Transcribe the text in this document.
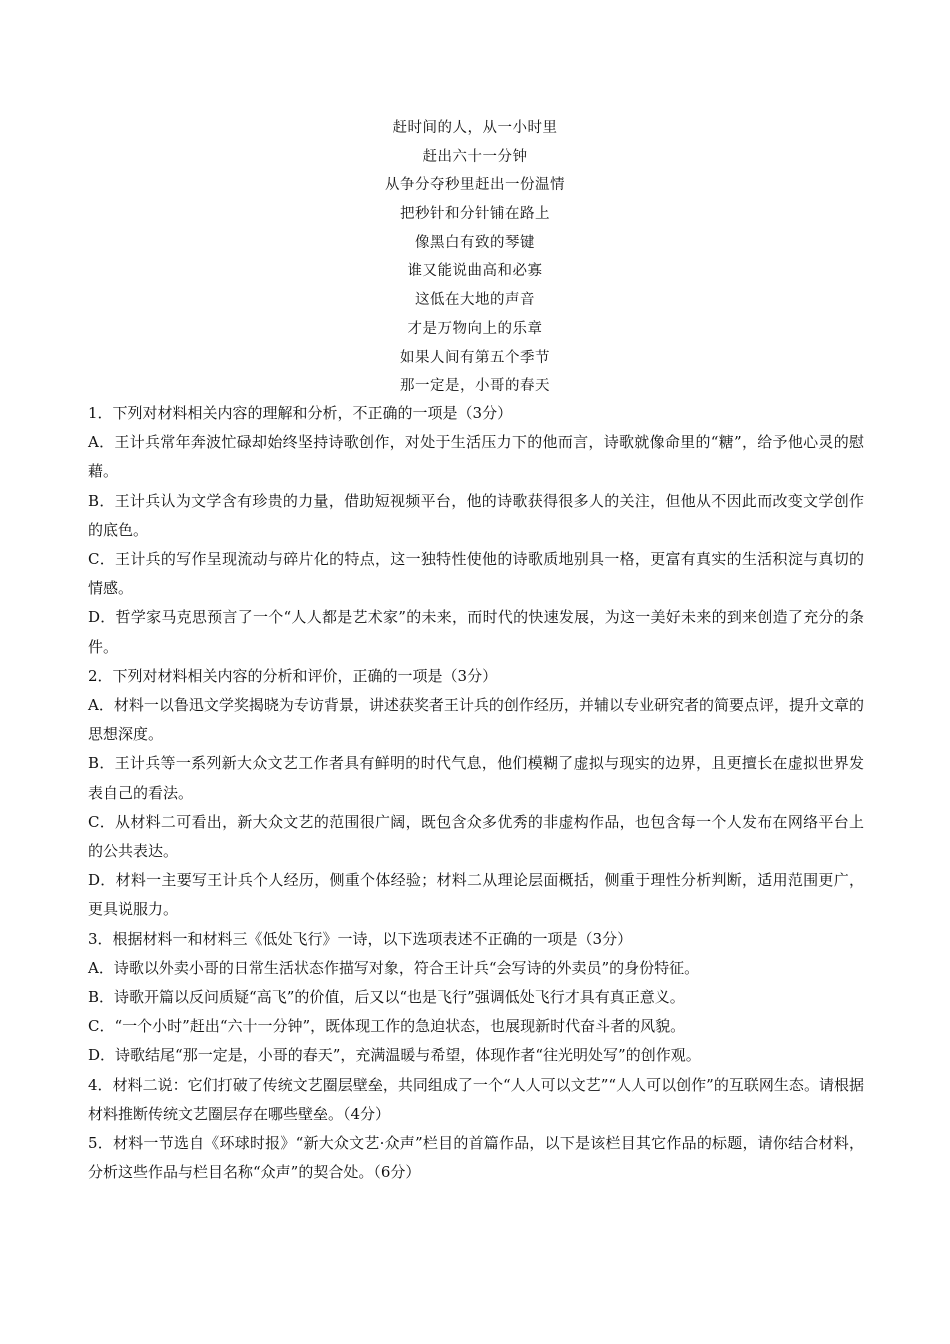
赶时间的人，从一小时里
赶出六十一分钟
从争分夺秒里赶出一份温情
把秒针和分针铺在路上
像黑白有致的琴键
谁又能说曲高和必寡
这低在大地的声音
才是万物向上的乐章
如果人间有第五个季节
那一定是，小哥的春天

1．下列对材料相关内容的理解和分析，不正确的一项是（3分）

A．王计兵常年奔波忙碌却始终坚持诗歌创作，对处于生活压力下的他而言，诗歌就像命里的“糖”，给予他心灵的慰藉。

B．王计兵认为文学含有珍贵的力量，借助短视频平台，他的诗歌获得很多人的关注，但他从不因此而改变文学创作的底色。

C．王计兵的写作呈现流动与碎片化的特点，这一独特性使他的诗歌质地别具一格，更富有真实的生活积淀与真切的情感。

D．哲学家马克思预言了一个“人人都是艺术家”的未来，而时代的快速发展，为这一美好未来的到来创造了充分的条件。

2．下列对材料相关内容的分析和评价，正确的一项是（3分）

A．材料一以鲁迅文学奖揭晓为专访背景，讲述获奖者王计兵的创作经历，并辅以专业研究者的简要点评，提升文章的思想深度。

B．王计兵等一系列新大众文艺工作者具有鲜明的时代气息，他们模糊了虚拟与现实的边界，且更擅长在虚拟世界发表自己的看法。

C．从材料二可看出，新大众文艺的范围很广阔，既包含众多优秀的非虚构作品，也包含每一个人发布在网络平台上的公共表达。

D．材料一主要写王计兵个人经历，侧重个体经验；材料二从理论层面概括，侧重于理性分析判断，适用范围更广，更具说服力。

3．根据材料一和材料三《低处飞行》一诗，以下选项表述不正确的一项是（3分）

A．诗歌以外卖小哥的日常生活状态作描写对象，符合王计兵“会写诗的外卖员”的身份特征。

B．诗歌开篇以反问质疑“高飞”的价值，后又以“也是飞行”强调低处飞行才具有真正意义。

C．“一个小时”赶出“六十一分钟”，既体现工作的急迫状态，也展现新时代奋斗者的风貌。

D．诗歌结尾“那一定是，小哥的春天”，充满温暖与希望，体现作者“往光明处写”的创作观。

4．材料二说：它们打破了传统文艺圈层壁垒，共同组成了一个“人人可以文艺”“人人可以创作”的互联网生态。请根据材料推断传统文艺圈层存在哪些壁垒。（4分）

5．材料一节选自《环球时报》“新大众文艺·众声”栏目的首篇作品，以下是该栏目其它作品的标题，请你结合材料，分析这些作品与栏目名称“众声”的契合处。（6分）
